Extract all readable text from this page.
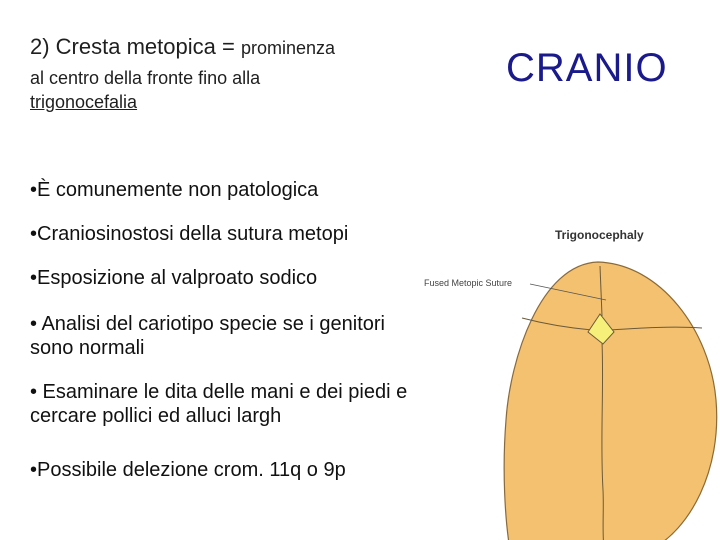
2) Cresta metopica = prominenza
al centro della fronte fino alla
trigonocefalia
CRANIO
•È comunemente non patologica
•Craniosinostosi della sutura metopi
•Esposizione al valproato sodico
• Analisi del cariotipo specie se i genitori sono normali
• Esaminare le dita delle mani e dei piedi e cercare pollici ed alluci largh
•Possibile delezione crom. 11q o 9p
Trigonocephaly
Fused Metopic Suture
